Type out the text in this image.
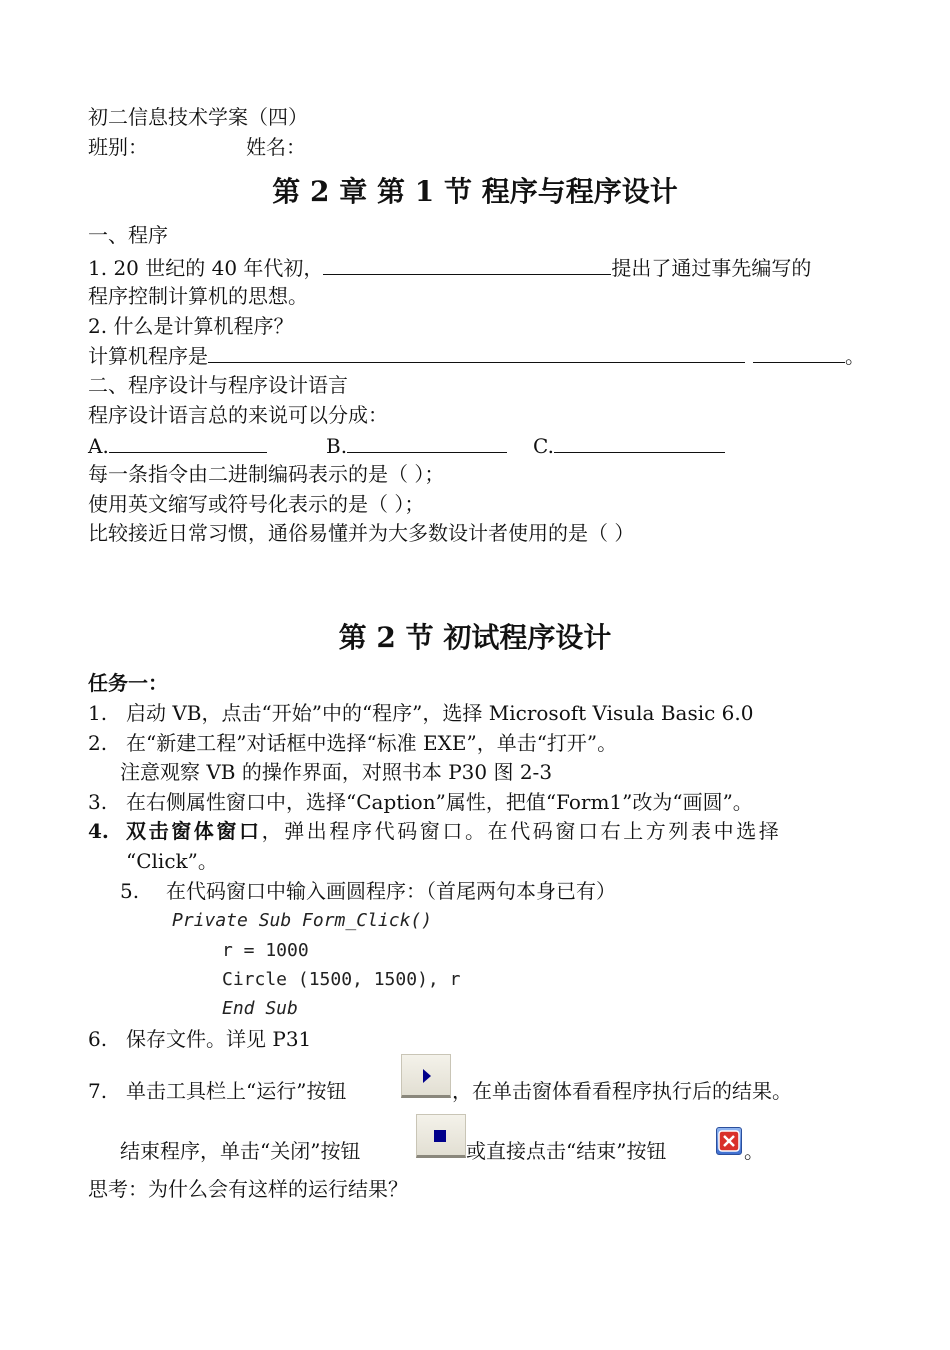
初二信息技术学案（四）
班别：	姓名：
第 2 章 第 1 节 程序与程序设计
一、程序
1. 20 世纪的 40 年代初，	提出了通过事先编写的
程序控制计算机的思想。
2. 什么是计算机程序？
计算机程序是	。
二、程序设计与程序设计语言
程序设计语言总的来说可以分成：
A.	B.	C.
每一条指令由二进制编码表示的是（ ）；
使用英文缩写或符号化表示的是（ ）；
比较接近日常习惯，通俗易懂并为大多数设计者使用的是（ ）
第 2 节 初试程序设计
任务一：
1. 启动 VB，点击“开始”中的“程序”，选择 Microsoft Visula Basic 6.0
2. 在“新建工程”对话框中选择“标准 EXE”，单击“打开”。
注意观察 VB 的操作界面，对照书本 P30 图 2-3
3. 在右侧属性窗口中，选择“Caption”属性，把值“Form1”改为“画圆”。
4. 双击窗体窗口，弹出程序代码窗口。在代码窗口右上方列表中选择
“Click”。
5. 在代码窗口中输入画圆程序：（首尾两句本身已有）
Private Sub Form_Click()
r = 1000
Circle (1500, 1500), r
End Sub
6. 保存文件。详见 P31
7. 单击工具栏上“运行”按钮	，在单击窗体看看程序执行后的结果。
结束程序，单击“关闭”按钮	或直接点击“结束”按钮	。
思考：为什么会有这样的运行结果？
